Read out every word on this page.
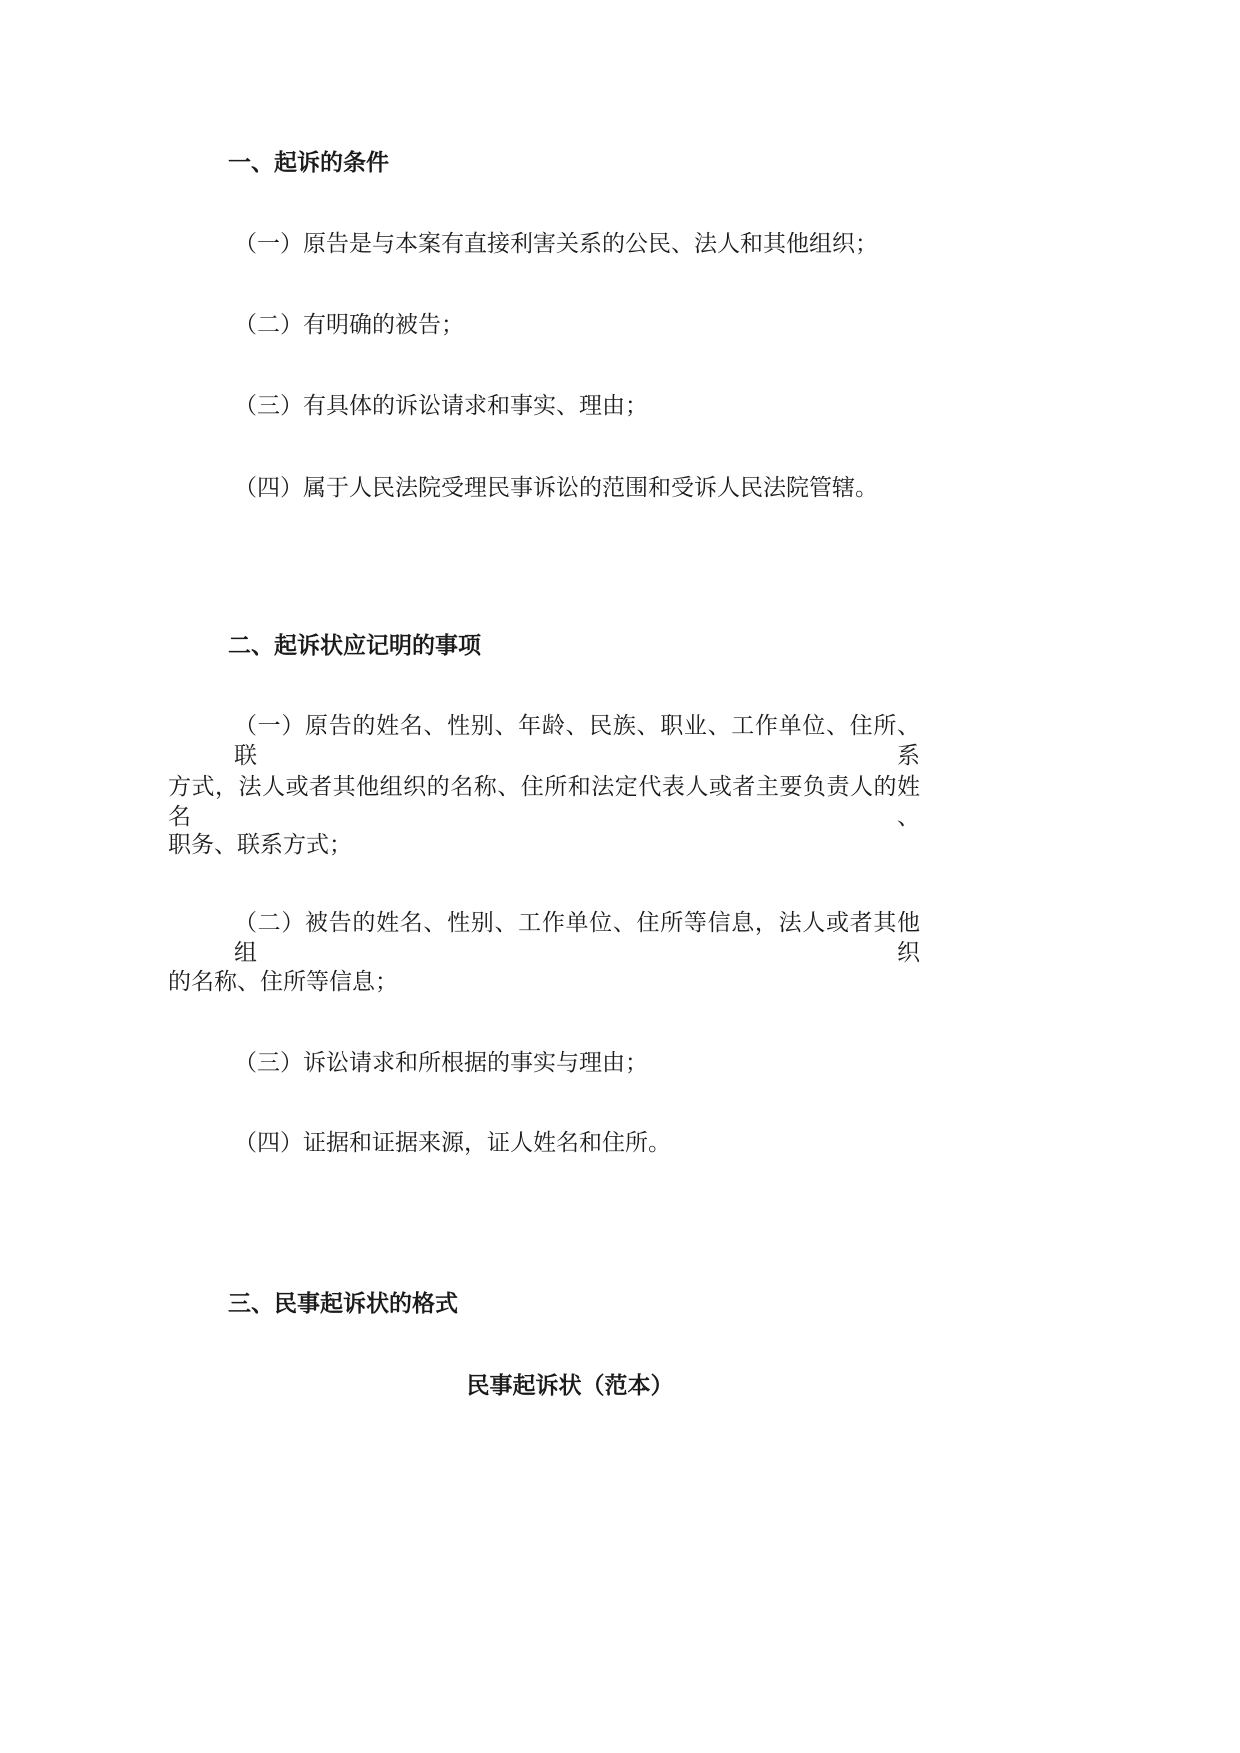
一、起诉的条件
（一）原告是与本案有直接利害关系的公民、法人和其他组织；
（二）有明确的被告；
（三）有具体的诉讼请求和事实、理由；
（四）属于人民法院受理民事诉讼的范围和受诉人民法院管辖。
二、起诉状应记明的事项
（一）原告的姓名、性别、年龄、民族、职业、工作单位、住所、联系
方式，法人或者其他组织的名称、住所和法定代表人或者主要负责人的姓名、
职务、联系方式；
（二）被告的姓名、性别、工作单位、住所等信息，法人或者其他组织
的名称、住所等信息；
（三）诉讼请求和所根据的事实与理由；
（四）证据和证据来源，证人姓名和住所。
三、民事起诉状的格式
民事起诉状（范本）
